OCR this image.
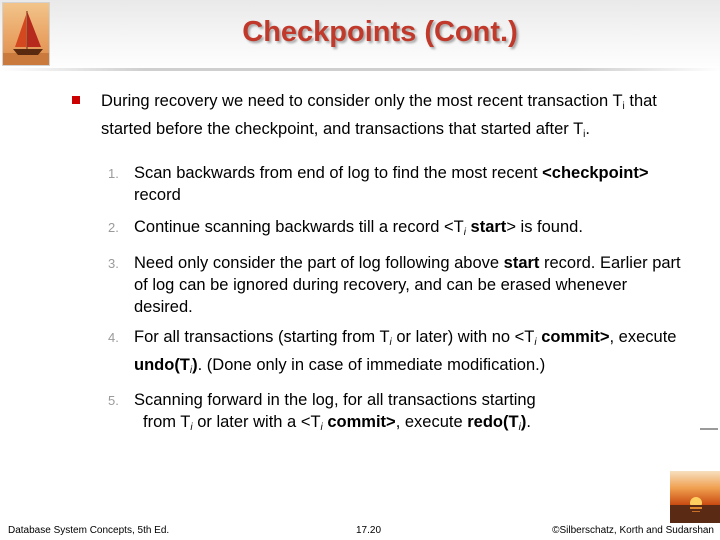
Checkpoints (Cont.)
During recovery we need to consider only the most recent transaction $T_i$ that started before the checkpoint, and transactions that started after $T_i$.
1. Scan backwards from end of log to find the most recent <checkpoint> record
2. Continue scanning backwards till a record $<T_i$ start> is found.
3. Need only consider the part of log following above start record. Earlier part of log can be ignored during recovery, and can be erased whenever desired.
4. For all transactions (starting from $T_i$ or later) with no $<T_i$ commit>, execute $undo(T_i)$. (Done only in case of immediate modification.)
5. Scanning forward in the log, for all transactions starting
from $T_i$ or later with $a <T_i$ commit>, execute $redo(T_i)$.
Database System Concepts, 5th Ed.	17.20	©Silberschatz, Korth and Sudarshan
